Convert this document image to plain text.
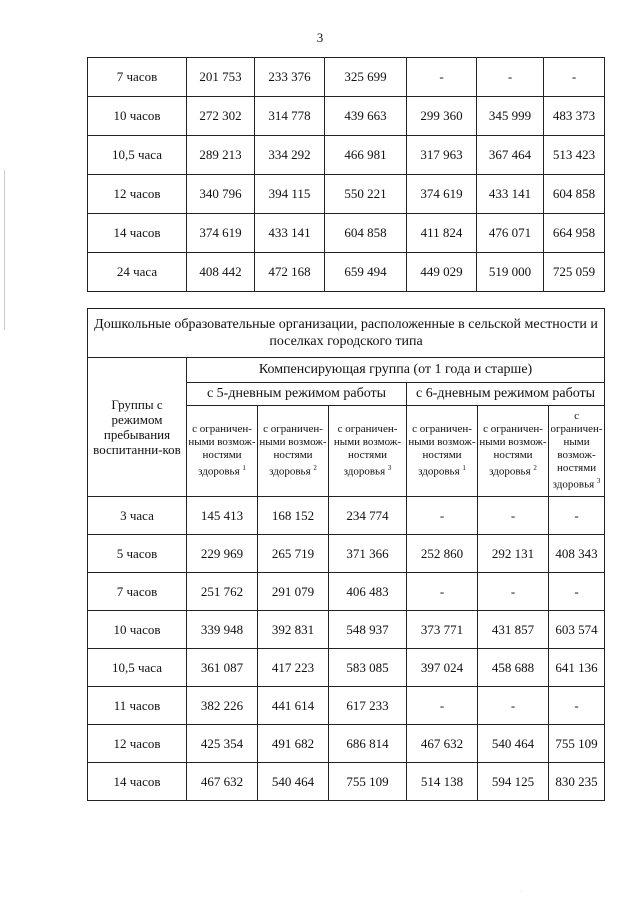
3
7 часов	201 753	233 376	325 699	-	-	-
10 часов	272 302	314 778	439 663	299 360	345 999	483 373
10,5 часа	289 213	334 292	466 981	317 963	367 464	513 423
12 часов	340 796	394 115	550 221	374 619	433 141	604 858
14 часов	374 619	433 141	604 858	411 824	476 071	664 958
24 часа	408 442	472 168	659 494	449 029	519 000	725 059
Дошкольные образовательные организации, расположенные в сельской местности и поселках городского типа						
Группы с режимом пребывания воспитанни-ков	Компенсирующая группа (от 1 года и старше)					
	с 5-дневным режимом работы			с 6-дневным режимом работы		
	с ограничен-ными возмож-ностями здоровья $^1$	с ограничен-ными возмож-ностями здоровья $^2$	с ограничен-ными возмож-ностями здоровья $^3$	с ограничен-ными возмож-ностями здоровья $^1$	с ограничен-ными возмож-ностями здоровья $^2$	с ограничен-ными возмож-ностями здоровья $^3$
3 часа	145 413	168 152	234 774	-	-	-
5 часов	229 969	265 719	371 366	252 860	292 131	408 343
7 часов	251 762	291 079	406 483	-	-	-
10 часов	339 948	392 831	548 937	373 771	431 857	603 574
10,5 часа	361 087	417 223	583 085	397 024	458 688	641 136
11 часов	382 226	441 614	617 233	-	-	-
12 часов	425 354	491 682	686 814	467 632	540 464	755 109
14 часов	467 632	540 464	755 109	514 138	594 125	830 235
·
